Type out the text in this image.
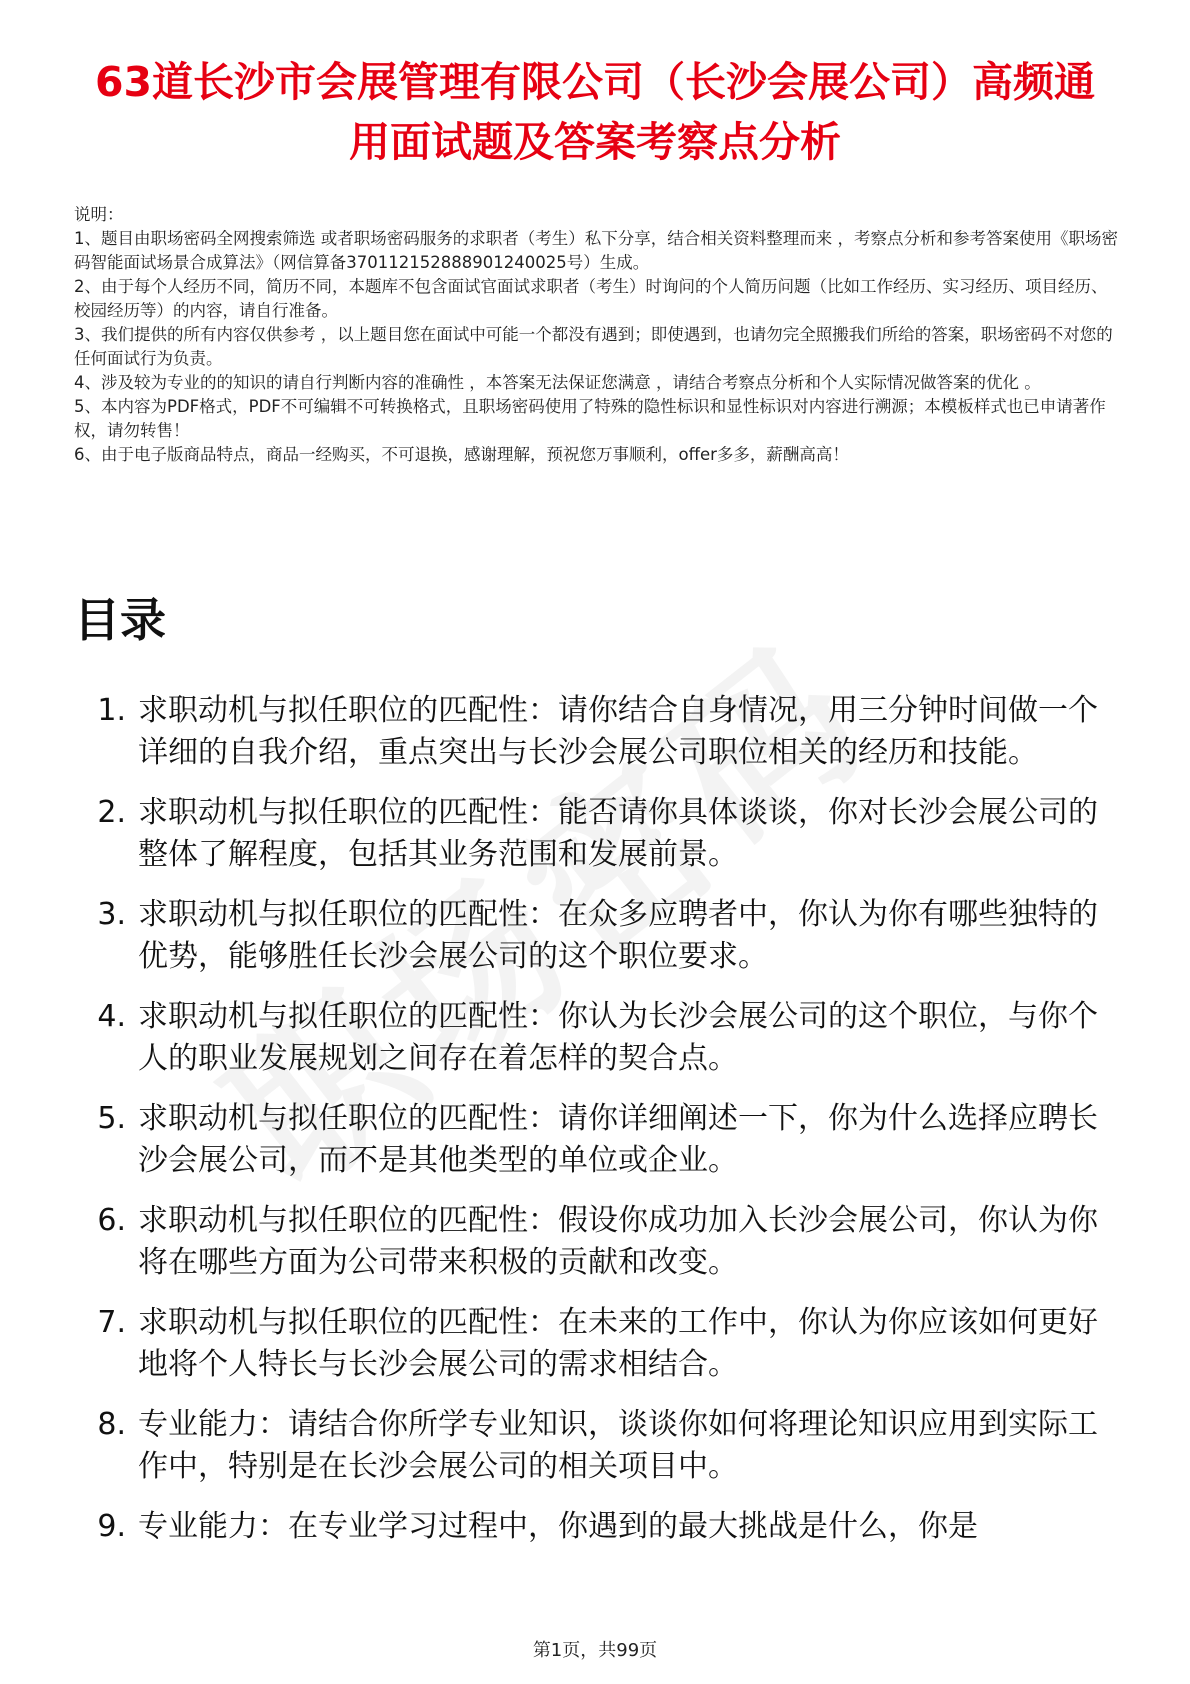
63道长沙市会展管理有限公司（长沙会展公司）高频通用面试题及答案考察点分析
说明：

1、题目由职场密码全网搜索筛选 或者职场密码服务的求职者（考生）私下分享，结合相关资料整理而来 ，考察点分析和参考答案使用《职场密码智能面试场景合成算法》（网信算备370112152888901240025号）生成。

2、由于每个人经历不同，简历不同，本题库不包含面试官面试求职者（考生）时询问的个人简历问题（比如工作经历、实习经历、项目经历、校园经历等）的内容，请自行准备。

3、我们提供的所有内容仅供参考 ，以上题目您在面试中可能一个都没有遇到；即使遇到，也请勿完全照搬我们所给的答案，职场密码不对您的任何面试行为负责。

4、涉及较为专业的的知识的请自行判断内容的准确性 ，本答案无法保证您满意 ，请结合考察点分析和个人实际情况做答案的优化 。

5、本内容为PDF格式，PDF不可编辑不可转换格式，且职场密码使用了特殊的隐性标识和显性标识对内容进行溯源；本模板样式也已申请著作权，请勿转售！

6、由于电子版商品特点，商品一经购买，不可退换，感谢理解，预祝您万事顺利，offer多多，薪酬高高！

目录
1. 求职动机与拟任职位的匹配性：请你结合自身情况，用三分钟时间做一个详细的自我介绍，重点突出与长沙会展公司职位相关的经历和技能。
2. 求职动机与拟任职位的匹配性：能否请你具体谈谈，你对长沙会展公司的整体了解程度，包括其业务范围和发展前景。
3. 求职动机与拟任职位的匹配性：在众多应聘者中，你认为你有哪些独特的优势，能够胜任长沙会展公司的这个职位要求。
4. 求职动机与拟任职位的匹配性：你认为长沙会展公司的这个职位，与你个人的职业发展规划之间存在着怎样的契合点。
5. 求职动机与拟任职位的匹配性：请你详细阐述一下，你为什么选择应聘长沙会展公司，而不是其他类型的单位或企业。
6. 求职动机与拟任职位的匹配性：假设你成功加入长沙会展公司，你认为你将在哪些方面为公司带来积极的贡献和改变。
7. 求职动机与拟任职位的匹配性：在未来的工作中，你认为你应该如何更好地将个人特长与长沙会展公司的需求相结合。
8. 专业能力：请结合你所学专业知识，谈谈你如何将理论知识应用到实际工作中，特别是在长沙会展公司的相关项目中。
9. 专业能力：在专业学习过程中，你遇到的最大挑战是什么，你是
第1页，共99页
